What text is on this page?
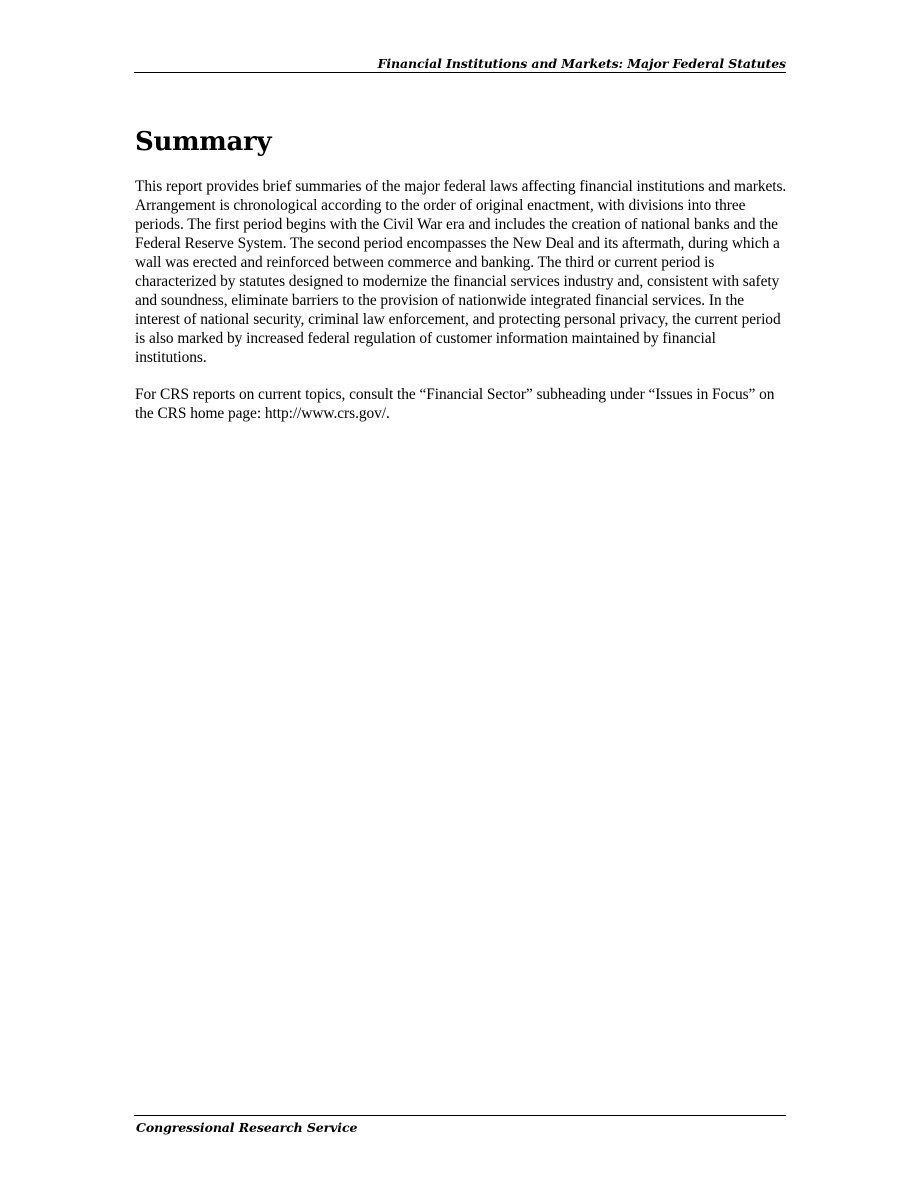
Financial Institutions and Markets: Major Federal Statutes
Summary

This report provides brief summaries of the major federal laws affecting financial institutions and markets. Arrangement is chronological according to the order of original enactment, with divisions into three periods. The first period begins with the Civil War era and includes the creation of national banks and the Federal Reserve System. The second period encompasses the New Deal and its aftermath, during which a wall was erected and reinforced between commerce and banking. The third or current period is characterized by statutes designed to modernize the financial services industry and, consistent with safety and soundness, eliminate barriers to the provision of nationwide integrated financial services. In the interest of national security, criminal law enforcement, and protecting personal privacy, the current period is also marked by increased federal regulation of customer information maintained by financial institutions.

For CRS reports on current topics, consult the “Financial Sector” subheading under “Issues in Focus” on the CRS home page: http://www.crs.gov/.

Congressional Research Service
